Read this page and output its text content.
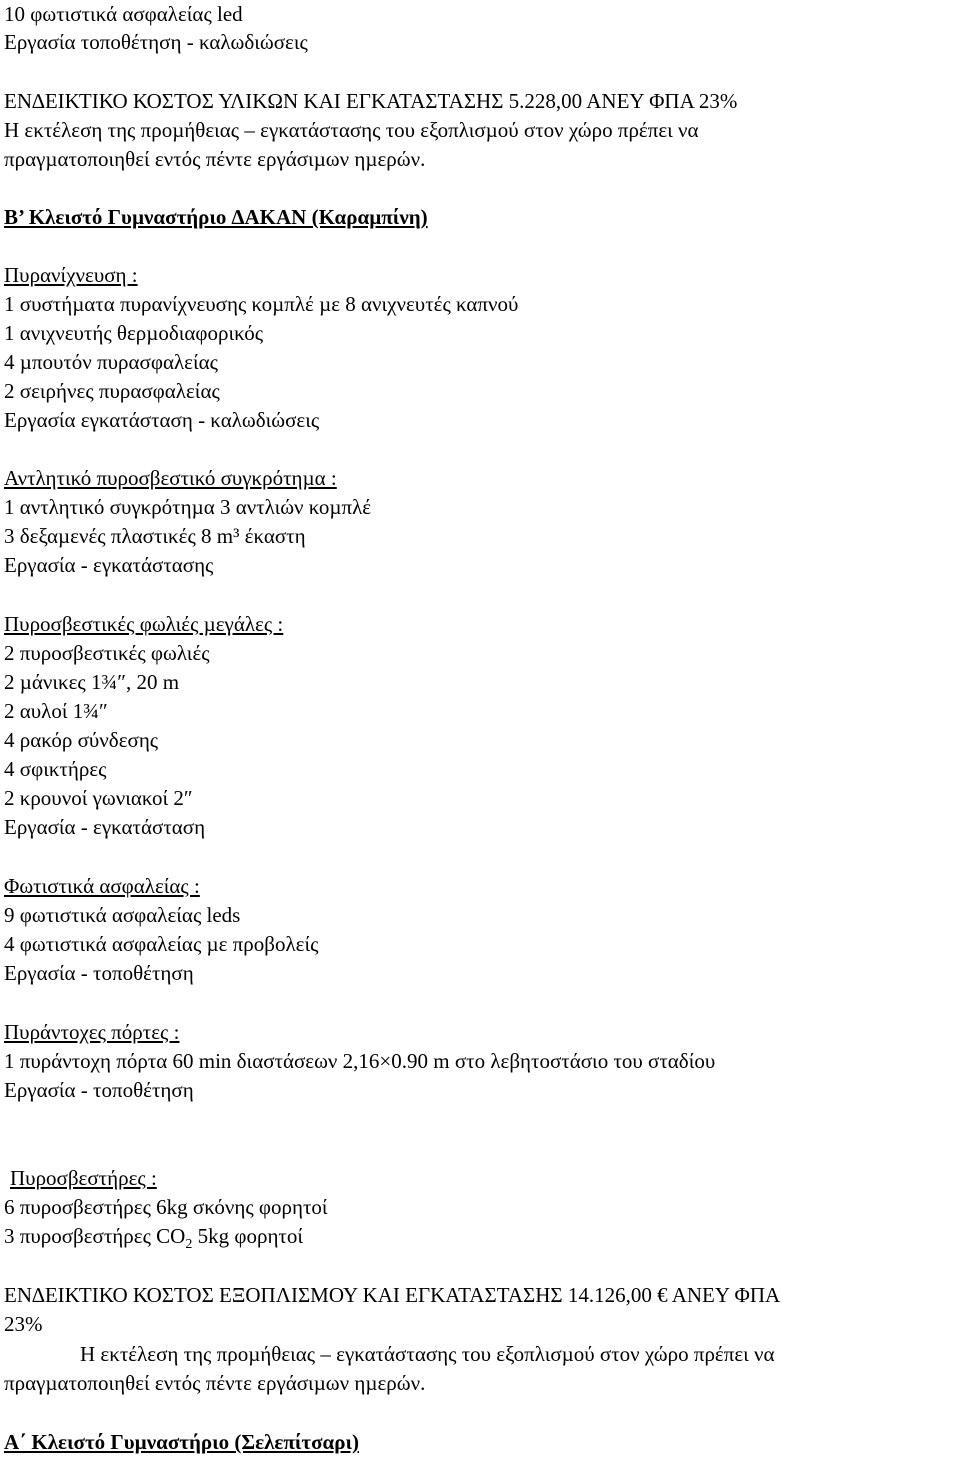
10 φωτιστικά ασφαλείας led
Εργασία τοποθέτηση - καλωδιώσεις
ΕΝ∆ΕΙΚΤΙΚΟ ΚΟΣΤΟΣ ΥΛΙΚΩΝ ΚΑΙ ΕΓΚΑΤΑΣΤΑΣΗΣ 5.228,00 ΑΝΕΥ ΦΠΑ 23%
Η εκτέλεση της προµήθειας – εγκατάστασης του εξοπλισµού στον χώρο πρέπει να
πραγµατοποιηθεί εντός πέντε εργάσιµων ηµερών.
Β’ Κλειστό Γυµναστήριο ∆ΑΚΑΝ (Καραµπίνη)
Πυρανίχνευση :
1 συστήµατα πυρανίχνευσης κοµπλέ µε 8 ανιχνευτές καπνού
1 ανιχνευτής θερµοδιαφορικός
4 µπουτόν πυρασφαλείας
2 σειρήνες πυρασφαλείας
Εργασία εγκατάσταση - καλωδιώσεις
Αντλητικό πυροσβεστικό συγκρότηµα :
1 αντλητικό συγκρότηµα 3 αντλιών κοµπλέ
3 δεξαµενές πλαστικές 8 m³ έκαστη
Εργασία - εγκατάστασης
Πυροσβεστικές φωλιές µεγάλες :
2 πυροσβεστικές φωλιές
2 µάνικες 1¾″, 20 m
2 αυλοί 1¾″
4 ρακόρ σύνδεσης
4 σφικτήρες
2 κρουνοί γωνιακοί 2″
Εργασία - εγκατάσταση
Φωτιστικά ασφαλείας :
9 φωτιστικά ασφαλείας leds
4 φωτιστικά ασφαλείας µε προβολείς
Εργασία - τοποθέτηση
Πυράντοχες πόρτες :
1 πυράντοχη πόρτα 60 min διαστάσεων 2,16×0.90 m στο λεβητοστάσιο του σταδίου
Εργασία - τοποθέτηση
Πυροσβεστήρες :
6 πυροσβεστήρες 6kg σκόνης φορητοί
3 πυροσβεστήρες $CO_2$ 5kg φορητοί
ΕΝ∆ΕΙΚΤΙΚΟ ΚΟΣΤΟΣ ΕΞΟΠΛΙΣΜΟΥ ΚΑΙ ΕΓΚΑΤΑΣΤΑΣΗΣ 14.126,00 € ΑΝΕΥ ΦΠΑ
23%
Η εκτέλεση της προµήθειας – εγκατάστασης του εξοπλισµού στον χώρο πρέπει να
πραγµατοποιηθεί εντός πέντε εργάσιµων ηµερών.
Α΄ Κλειστό Γυµναστήριο (Σελεπίτσαρι)
